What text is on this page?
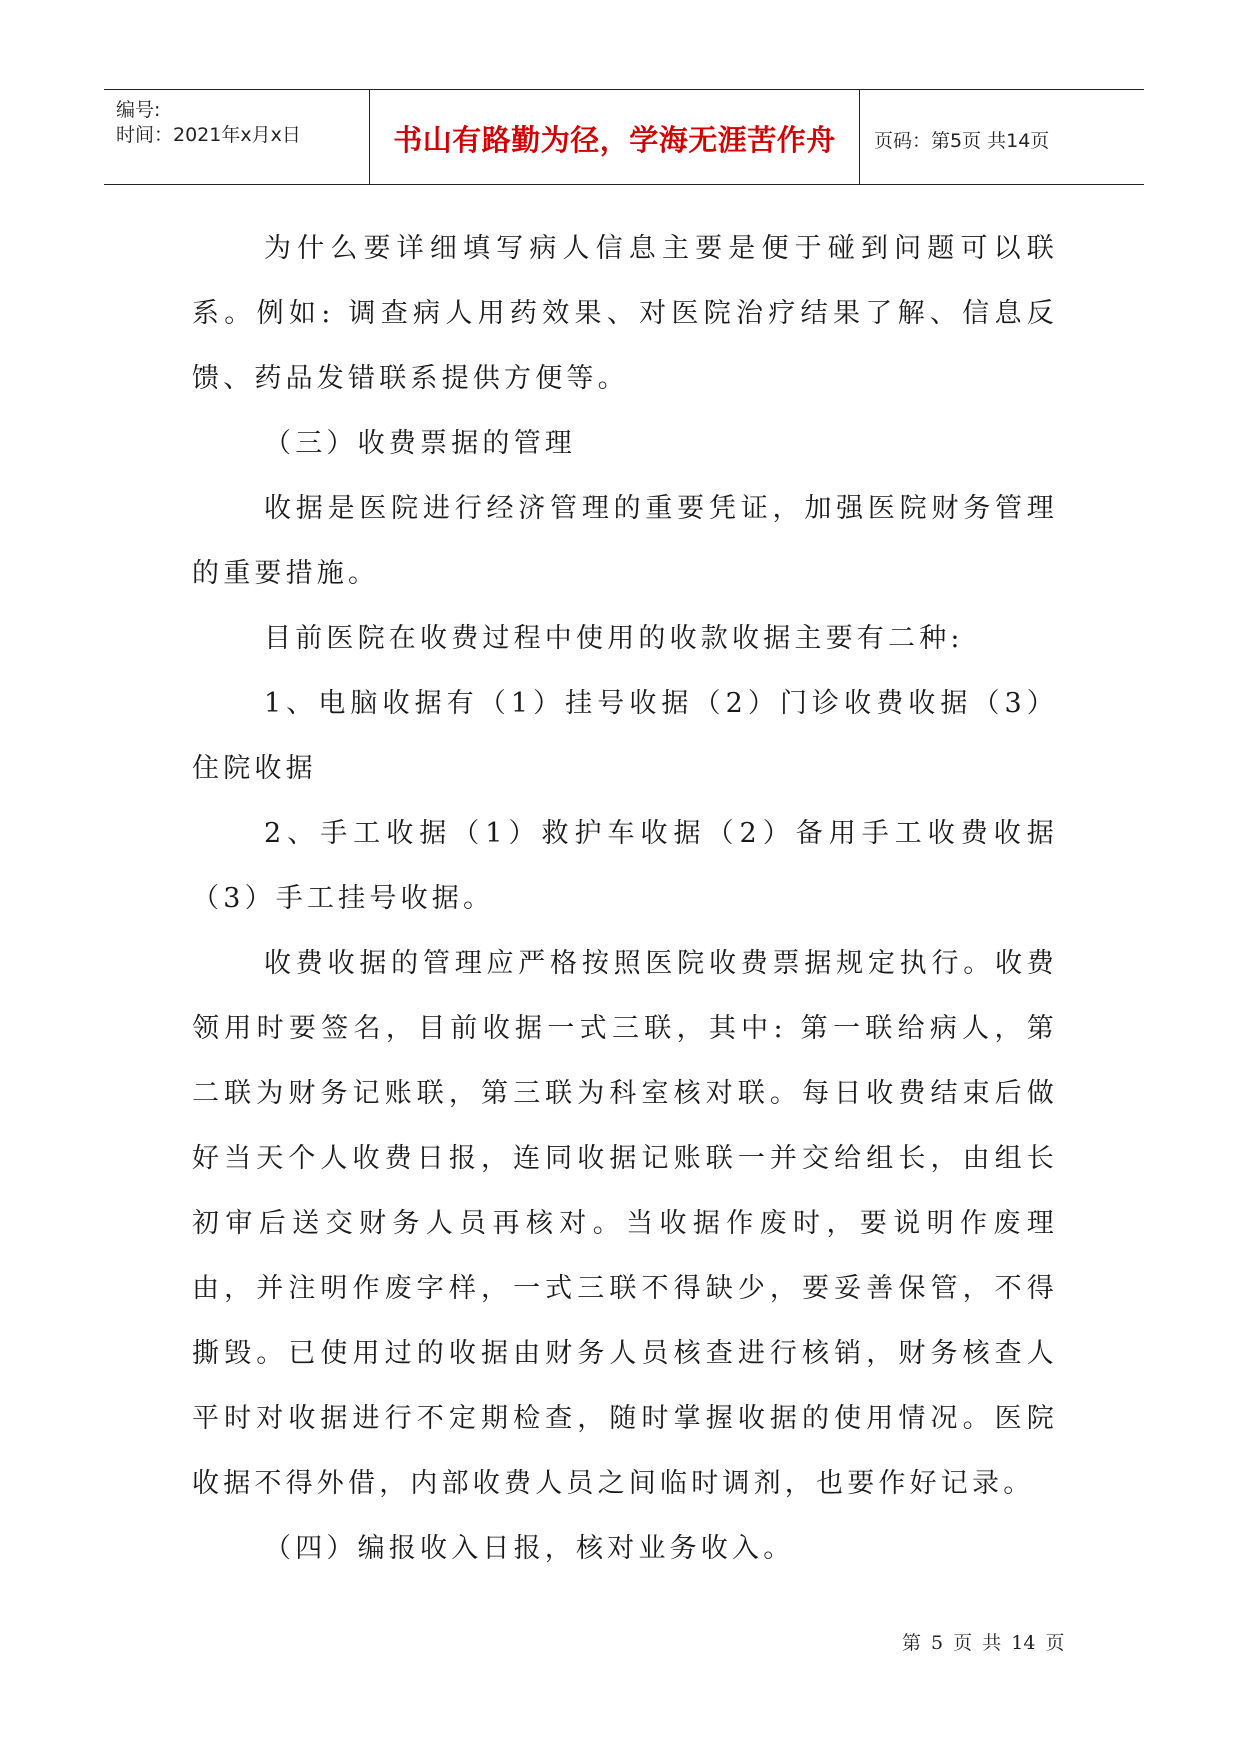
编号:
时间：2021年x月x日	书山有路勤为径，学海无涯苦作舟	页码：第5页 共14页

为什么要详细填写病人信息主要是便于碰到问题可以联系。例如: 调查病人用药效果、对医院治疗结果了解、信息反馈、药品发错联系提供方便等。

（三）收费票据的管理

收据是医院进行经济管理的重要凭证，加强医院财务管理的重要措施。

目前医院在收费过程中使用的收款收据主要有二种:

1、电脑收据有（1）挂号收据（2）门诊收费收据（3）住院收据

2、手工收据（1）救护车收据（2）备用手工收费收据（3）手工挂号收据。

收费收据的管理应严格按照医院收费票据规定执行。收费领用时要签名，目前收据一式三联，其中: 第一联给病人，第二联为财务记账联，第三联为科室核对联。每日收费结束后做好当天个人收费日报，连同收据记账联一并交给组长，由组长初审后送交财务人员再核对。当收据作废时，要说明作废理由，并注明作废字样，一式三联不得缺少，要妥善保管，不得撕毁。已使用过的收据由财务人员核查进行核销，财务核查人平时对收据进行不定期检查，随时掌握收据的使用情况。医院收据不得外借，内部收费人员之间临时调剂，也要作好记录。

（四）编报收入日报，核对业务收入。

第 5 页 共 14 页
